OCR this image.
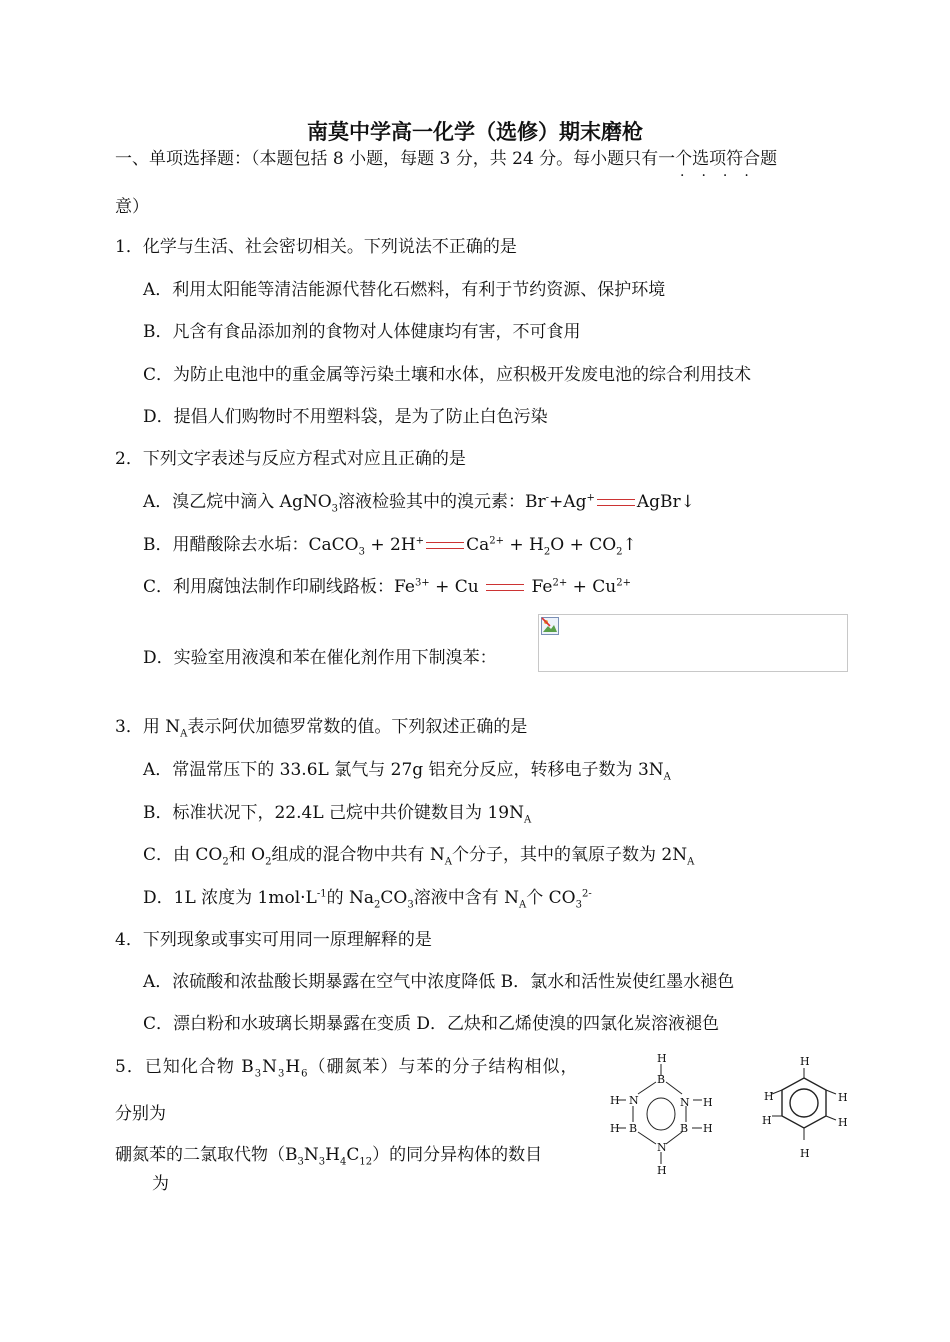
南莫中学高一化学（选修）期末磨枪
一、单项选择题：（本题包括 8 小题，每题 3 分，共 24 分。每小题只有一个选项符合题
····
意）
1．化学与生活、社会密切相关。下列说法不正确的是
A．利用太阳能等清洁能源代替化石燃料，有利于节约资源、保护环境
B．凡含有食品添加剂的食物对人体健康均有害，不可食用
C．为防止电池中的重金属等污染土壤和水体，应积极开发废电池的综合利用技术
D．提倡人们购物时不用塑料袋，是为了防止白色污染
2．下列文字表述与反应方程式对应且正确的是
A．溴乙烷中滴入 AgNO$_3$溶液检验其中的溴元素：Br-+Ag+ AgBr↓
B．用醋酸除去水垢：CaCO$_3$ + 2H+ $Ca^{2+} + H_2O$ + $CO_2↑$
C．利用腐蚀法制作印刷线路板：$Fe^{3+} + Cu$  $Fe^{2+} + Cu^{2+}$
D．实验室用液溴和苯在催化剂作用下制溴苯：
3．用 $N_A$表示阿伏加德罗常数的值。下列叙述正确的是
A．常温常压下的 33.6L 氯气与 27g 铝充分反应，转移电子数为 $3N_A$
B．标准状况下，22.4L 己烷中共价键数目为 $19N_A$
C．由 $CO_2$和 $O_2$组成的混合物中共有 $N_A$个分子，其中的氧原子数为 $2N_A$
D．1L 浓度为 $1mol\cdot L^{-1}$的 $Na_2CO_3$溶液中含有 $N_A$个 $CO_3^{2-}$
4．下列现象或事实可用同一原理解释的是
A．浓硫酸和浓盐酸长期暴露在空气中浓度降低 B．氯水和活性炭使红墨水褪色
C．漂白粉和水玻璃长期暴露在变质 D．乙炔和乙烯使溴的四氯化炭溶液褪色
5．已知化合物 $B_3N_3H_6$（硼氮苯）与苯的分子结构相似，
分别为
硼氮苯的二氯取代物$(B_3N_3H_4C_{12})$的同分异构体的数目
为
H
B
N	N
B	B
N
H
H	H
H	H
H
H	H
H	H
H
